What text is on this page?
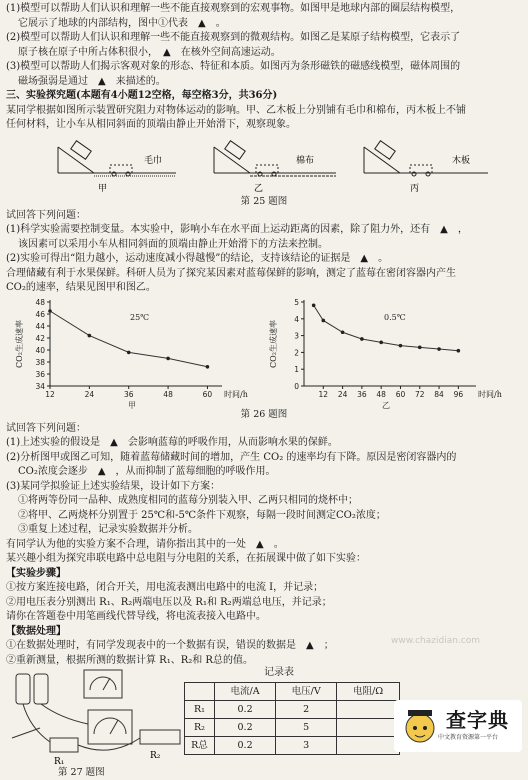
(1)模型可以帮助人们认识和理解一些不能直接观察到的宏观事物。如图甲是地球内部的圈层结构模型，
它展示了地球的内部结构，图中①代表　▲　。
(2)模型可以帮助人们认识和理解一些不能直接观察到的微观结构。如图乙是某原子结构模型，它表示了
原子核在原子中所占体积很小，　▲　在核外空间高速运动。
(3)模型可以帮助人们揭示客观对象的形态、特征和本质。如图丙为条形磁铁的磁感线模型，磁体周围的
磁场强弱是通过　▲　来描述的。
三、实验探究题(本题有4小题12空格，每空格3分，共36分)
某同学根据如图所示装置研究阻力对物体运动的影响。甲、乙木板上分别铺有毛巾和棉布，丙木板上不铺
任何材料，让小车从相同斜面的顶端由静止开始滑下，观察现象。
毛巾
甲
棉布
乙
木板
丙
第 25 题图
试回答下列问题：
(1)科学实验需要控制变量。本实验中，影响小车在水平面上运动距离的因素，除了阻力外，还有　▲　，
该因素可以采用小车从相同斜面的顶端由静止开始滑下的方法来控制。
(2)实验可得出“阻力越小，运动速度减小得越慢”的结论，支持该结论的证据是　▲　。
合理储藏有利于水果保鲜。科研人员为了探究某因素对蓝莓保鲜的影响，测定了蓝莓在密闭容器内产生
CO₂的速率，结果见图甲和图乙。
34
36
38
40
42
44
46
48
12	24	36	48	60
CO₂生成速率
时间/h
25℃
甲
0
1
2
3
4
5
12 24 36 48 60 72 84 96
CO₂生成速率
时间/h
0.5℃
乙
第 26 题图
试回答下列问题：
(1)上述实验的假设是　▲　会影响蓝莓的呼吸作用，从而影响水果的保鲜。
(2)分析图甲或图乙可知，随着蓝莓储藏时间的增加，产生 CO₂ 的速率均有下降。原因是密闭容器内的
CO₂浓度会逐步　▲　，从而抑制了蓝莓细胞的呼吸作用。
(3)某同学拟验证上述实验结果，设计如下方案：
①将两等份同一品种、成熟度相同的蓝莓分别装入甲、乙两只相同的烧杯中；
②将甲、乙两烧杯分别置于 25℃和-5℃条件下观察，每隔一段时间测定CO₂浓度；
③重复上述过程，记录实验数据并分析。
有同学认为他的实验方案不合理，请你指出其中的一处　▲　。
某兴趣小组为探究串联电路中总电阻与分电阻的关系，在拓展课中做了如下实验：
【实验步骤】
①按方案连接电路，闭合开关，用电流表测出电路中的电流 I，并记录；
②用电压表分别测出 R₁、R₂两端电压以及 R₁和 R₂两端总电压，并记录；
请你在答题卷中用笔画线代替导线，将电流表接入电路中。
【数据处理】
①在数据处理时，有同学发现表中的一个数据有误，错误的数据是　▲　；
②重新测量，根据所测的数据计算 R₁、R₂和 R总的值。
R₁
R₂
第 27 题图
记录表
	电流/A	电压/V	电阻/Ω
R₁	0.2	2	
R₂	0.2	5	
R总	0.2	3	
www.chazidian.com
查字典
中文教育资源第一平台
